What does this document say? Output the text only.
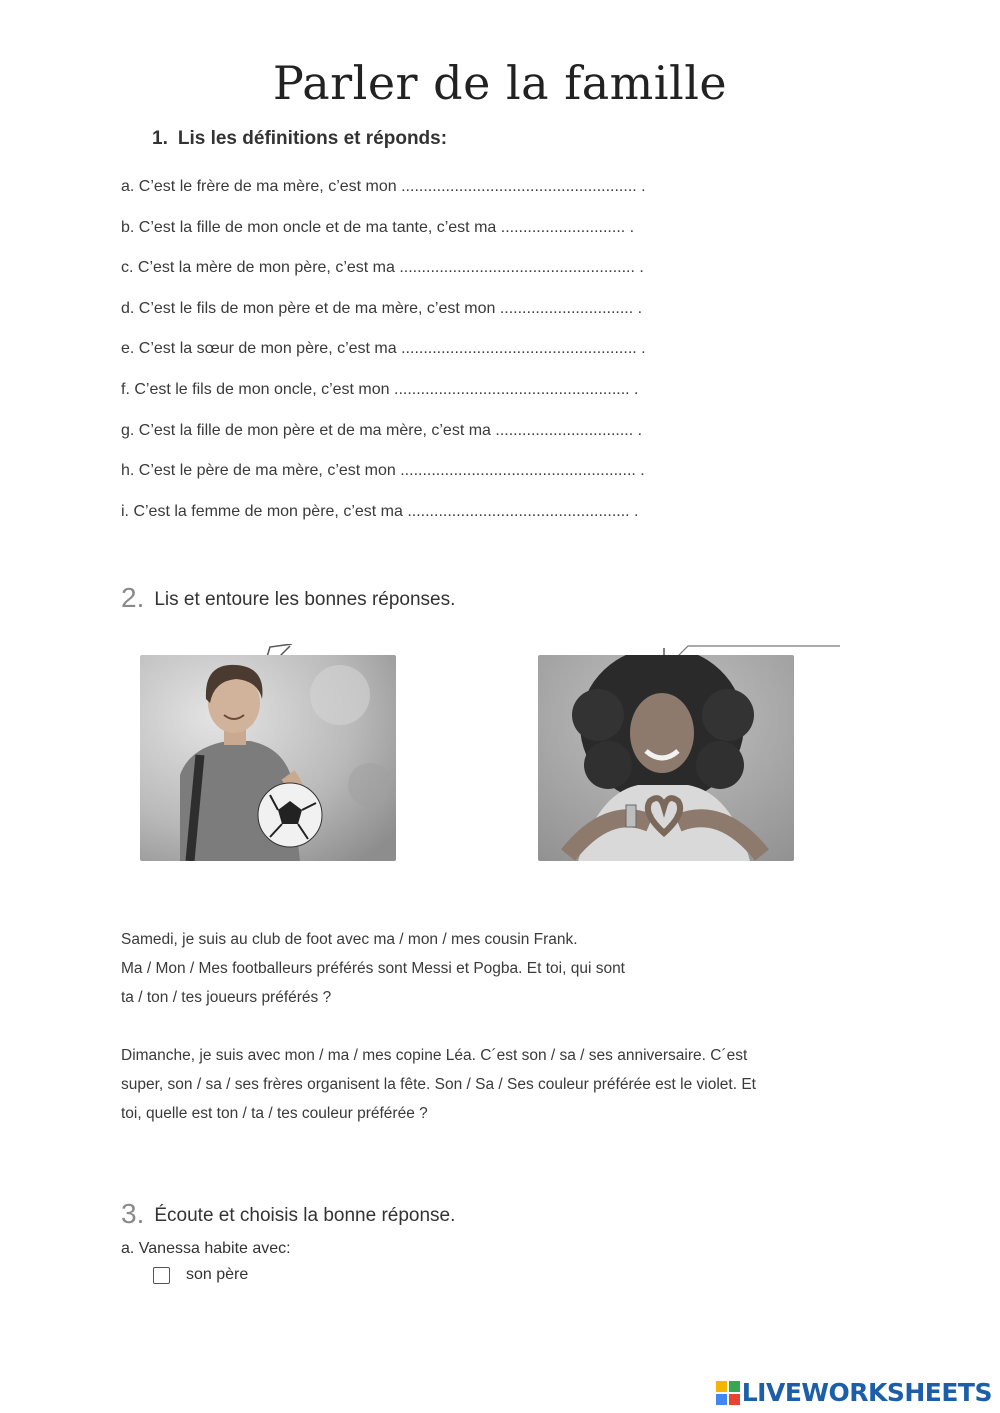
Parler de la famille
1. Lis les définitions et réponds:
a. C’est le frère de ma mère, c’est mon ..................................................... .
b. C’est la fille de mon oncle et de ma tante, c’est ma ............................ .
c. C’est la mère de mon père, c’est ma ..................................................... .
d. C’est le fils de mon père et de ma mère, c’est mon .............................. .
e. C’est la sœur de mon père, c’est ma ..................................................... .
f. C’est le fils de mon oncle, c’est mon ..................................................... .
g. C’est la fille de mon père et de ma mère, c’est ma ............................... .
h. C’est le père de ma mère, c’est mon ..................................................... .
i. C’est la femme de mon père, c’est ma .................................................. .
2. Lis et entoure les bonnes réponses.
Samedi, je suis au club de foot avec ma / mon / mes cousin Frank.
Ma / Mon / Mes footballeurs préférés sont Messi et Pogba. Et toi, qui sont
ta / ton / tes joueurs préférés ?
Dimanche, je suis avec mon / ma / mes copine Léa. C´est son / sa / ses anniversaire. C´est
super, son / sa / ses frères organisent la fête. Son / Sa / Ses couleur préférée est le violet. Et
toi, quelle est ton / ta / tes couleur préférée ?
3. Écoute et choisis la bonne réponse.
a. Vanessa habite avec:
son père
LIVEWORKSHEETS
